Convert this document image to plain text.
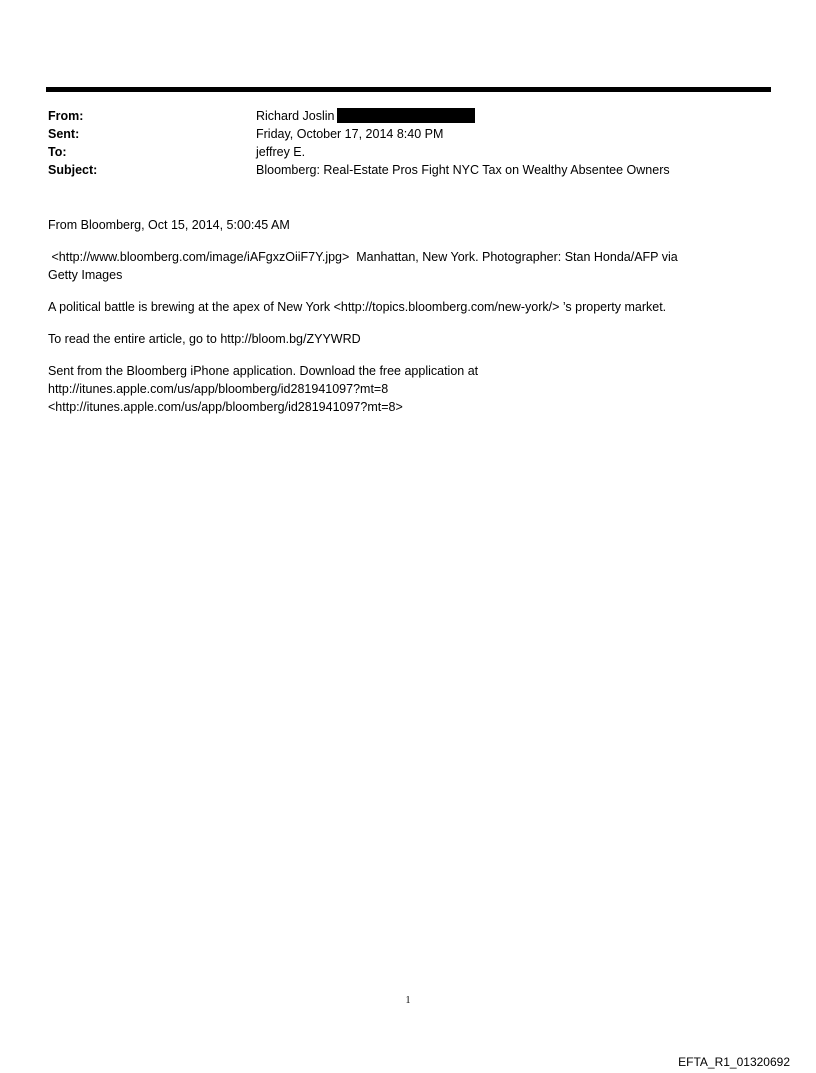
From:	Richard Joslin
Sent:	Friday, October 17, 2014 8:40 PM
To:	jeffrey E.
Subject:	Bloomberg: Real-Estate Pros Fight NYC Tax on Wealthy Absentee Owners

From Bloomberg, Oct 15, 2014, 5:00:45 AM

<http://www.bloomberg.com/image/iAFgxzOiiF7Y.jpg>  Manhattan, New York. Photographer: Stan Honda/AFP via
Getty Images

A political battle is brewing at the apex of New York <http://topics.bloomberg.com/new-york/> ’s property market.

To read the entire article, go to http://bloom.bg/ZYYWRD

Sent from the Bloomberg iPhone application. Download the free application at
http://itunes.apple.com/us/app/bloomberg/id281941097?mt=8
<http://itunes.apple.com/us/app/bloomberg/id281941097?mt=8>

1
EFTA_R1_01320692
